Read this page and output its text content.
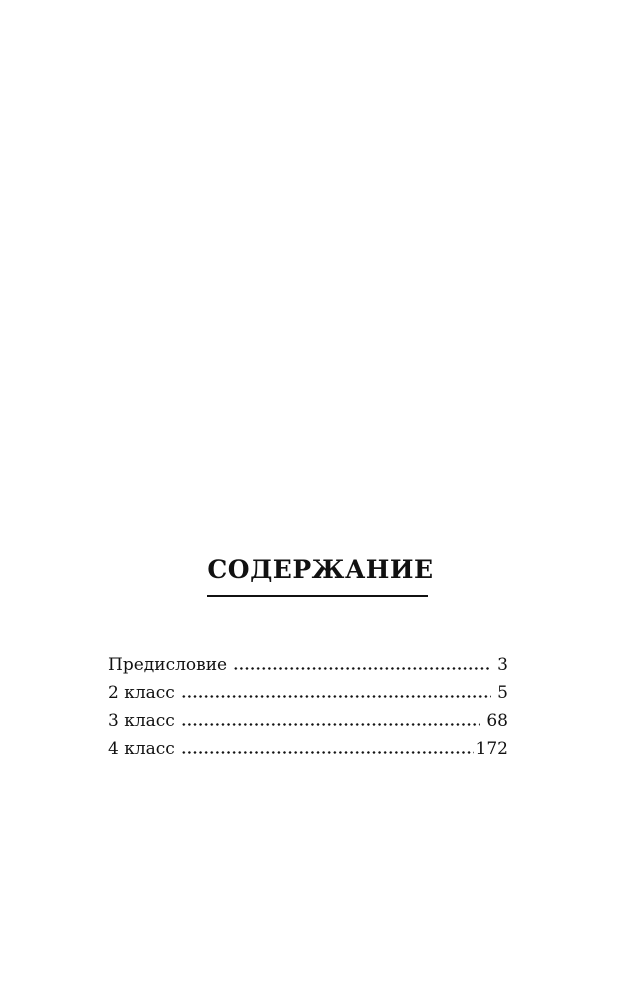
СОДЕРЖАНИЕ
Предисловие	3
2 класс	5
3 класс	68
4 класс	172
